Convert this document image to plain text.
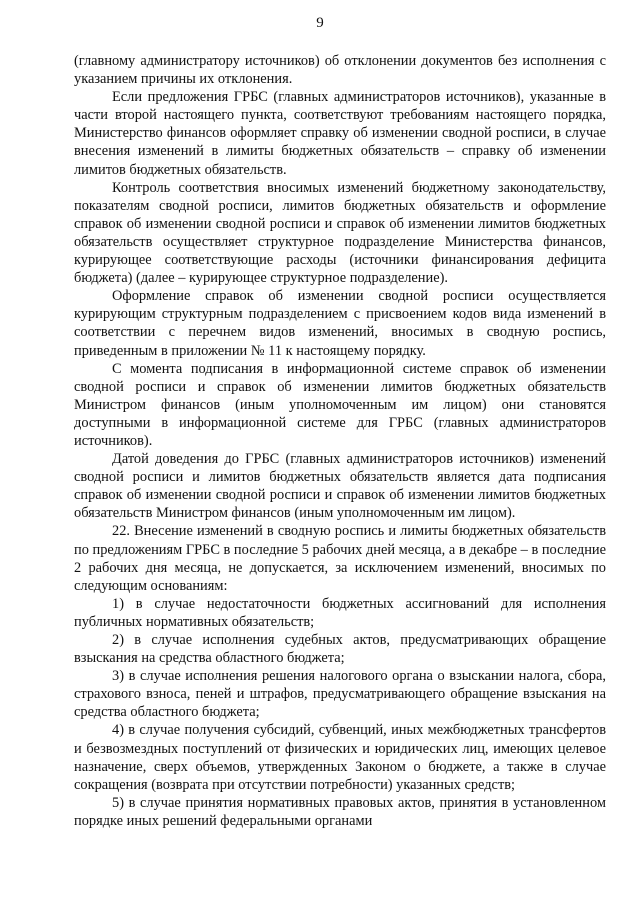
9

(главному администратору источников) об отклонении документов без исполнения с указанием причины их отклонения.

Если предложения ГРБС (главных администраторов источников), указанные в части второй настоящего пункта, соответствуют требованиям настоящего порядка, Министерство финансов оформляет справку об изменении сводной росписи, в случае внесения изменений в лимиты бюджетных обязательств – справку об изменении лимитов бюджетных обязательств.

Контроль соответствия вносимых изменений бюджетному законодательству, показателям сводной росписи, лимитов бюджетных обязательств и оформление справок об изменении сводной росписи и справок об изменении лимитов бюджетных обязательств осуществляет структурное подразделение Министерства финансов, курирующее соответствующие расходы (источники финансирования дефицита бюджета) (далее – курирующее структурное подразделение).

Оформление справок об изменении сводной росписи осуществляется курирующим структурным подразделением с присвоением кодов вида изменений в соответствии с перечнем видов изменений, вносимых в сводную роспись, приведенным в приложении № 11 к настоящему порядку.

С момента подписания в информационной системе справок об изменении сводной росписи и справок об изменении лимитов бюджетных обязательств Министром финансов (иным уполномоченным им лицом) они становятся доступными в информационной системе для ГРБС (главных администраторов источников).

Датой доведения до ГРБС (главных администраторов источников) изменений сводной росписи и лимитов бюджетных обязательств является дата подписания справок об изменении сводной росписи и справок об изменении лимитов бюджетных обязательств Министром финансов (иным уполномоченным им лицом).

22. Внесение изменений в сводную роспись и лимиты бюджетных обязательств по предложениям ГРБС в последние 5 рабочих дней месяца, а в декабре – в последние 2 рабочих дня месяца, не допускается, за исключением изменений, вносимых по следующим основаниям:

1) в случае недостаточности бюджетных ассигнований для исполнения публичных нормативных обязательств;

2) в случае исполнения судебных актов, предусматривающих обращение взыскания на средства областного бюджета;

3) в случае исполнения решения налогового органа о взыскании налога, сбора, страхового взноса, пеней и штрафов, предусматривающего обращение взыскания на средства областного бюджета;

4) в случае получения субсидий, субвенций, иных межбюджетных трансфертов и безвозмездных поступлений от физических и юридических лиц, имеющих целевое назначение, сверх объемов, утвержденных Законом о бюджете, а также в случае сокращения (возврата при отсутствии потребности) указанных средств;

5) в случае принятия нормативных правовых актов, принятия в установленном порядке иных решений федеральными органами
